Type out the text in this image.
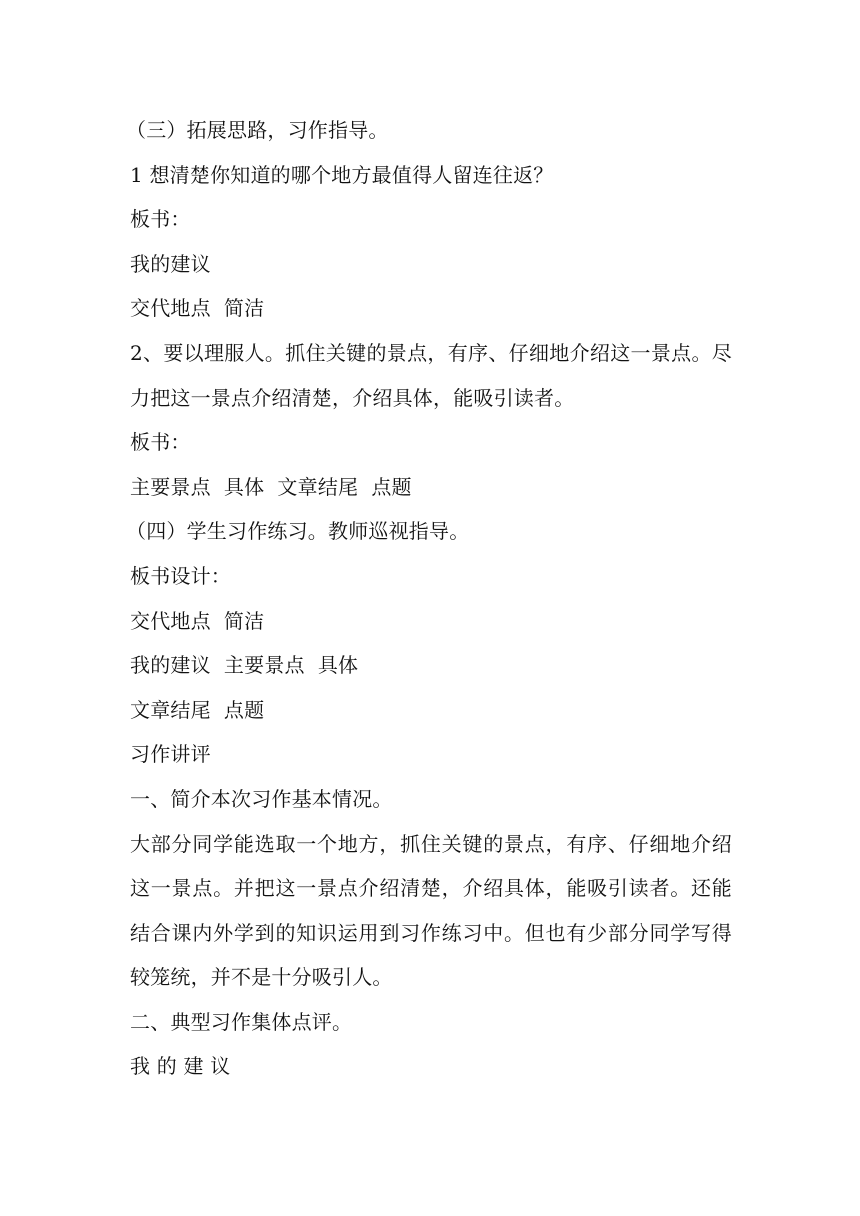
（三）拓展思路，习作指导。

1 想清楚你知道的哪个地方最值得人留连往返？

板书：

我的建议

交代地点  简洁

2、要以理服人。抓住关键的景点，有序、仔细地介绍这一景点。尽力把这一景点介绍清楚，介绍具体，能吸引读者。

板书：

主要景点  具体  文章结尾  点题

（四）学生习作练习。教师巡视指导。

板书设计：

交代地点  简洁

我的建议  主要景点  具体

文章结尾  点题

习作讲评

一、简介本次习作基本情况。

大部分同学能选取一个地方，抓住关键的景点，有序、仔细地介绍这一景点。并把这一景点介绍清楚，介绍具体，能吸引读者。还能结合课内外学到的知识运用到习作练习中。但也有少部分同学写得较笼统，并不是十分吸引人。

二、典型习作集体点评。

我 的 建 议
